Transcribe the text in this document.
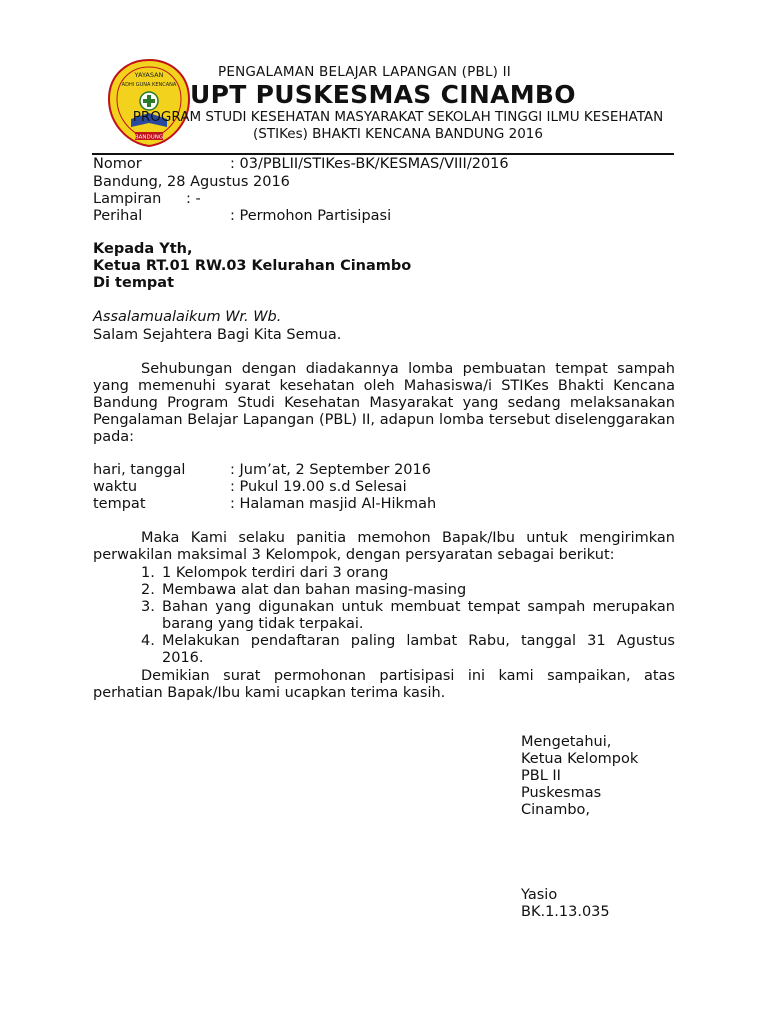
YAYASAN
ADHI GUNA KENCANA
BANDUNG
PENGALAMAN BELAJAR LAPANGAN (PBL) II
UPT PUSKESMAS CINAMBO
PROGRAM STUDI KESEHATAN MASYARAKAT SEKOLAH TINGGI ILMU KESEHATAN (STIKes) BHAKTI KENCANA BANDUNG 2016
Nomor	: 03/PBLII/STIKes-BK/KESMAS/VIII/2016
Bandung, 28 Agustus 2016
Lampiran : -
Perihal	: Permohon Partisipasi
Kepada Yth,
Ketua RT.01 RW.03 Kelurahan Cinambo
Di tempat
Assalamualaikum Wr. Wb.
Salam Sejahtera Bagi Kita Semua.
Sehubungan dengan diadakannya lomba pembuatan tempat sampah yang memenuhi syarat kesehatan oleh Mahasiswa/i STIKes Bhakti Kencana Bandung Program Studi Kesehatan Masyarakat yang sedang melaksanakan Pengalaman Belajar Lapangan (PBL) II, adapun lomba tersebut diselenggarakan pada:
hari, tanggal	: Jum’at, 2 September 2016
waktu	: Pukul 19.00 s.d Selesai
tempat	: Halaman masjid Al-Hikmah
Maka Kami selaku panitia memohon Bapak/Ibu untuk mengirimkan perwakilan maksimal 3 Kelompok, dengan persyaratan sebagai berikut:
1. 1 Kelompok terdiri dari 3 orang
2. Membawa alat dan bahan masing-masing
3. Bahan yang digunakan untuk membuat tempat sampah merupakan barang yang tidak terpakai.
4. Melakukan pendaftaran paling lambat Rabu, tanggal 31 Agustus 2016.
Demikian surat permohonan partisipasi ini kami sampaikan, atas perhatian Bapak/Ibu kami ucapkan terima kasih.
Mengetahui,
Ketua Kelompok
PBL II
Puskesmas
Cinambo,
Yasio
BK.1.13.035
